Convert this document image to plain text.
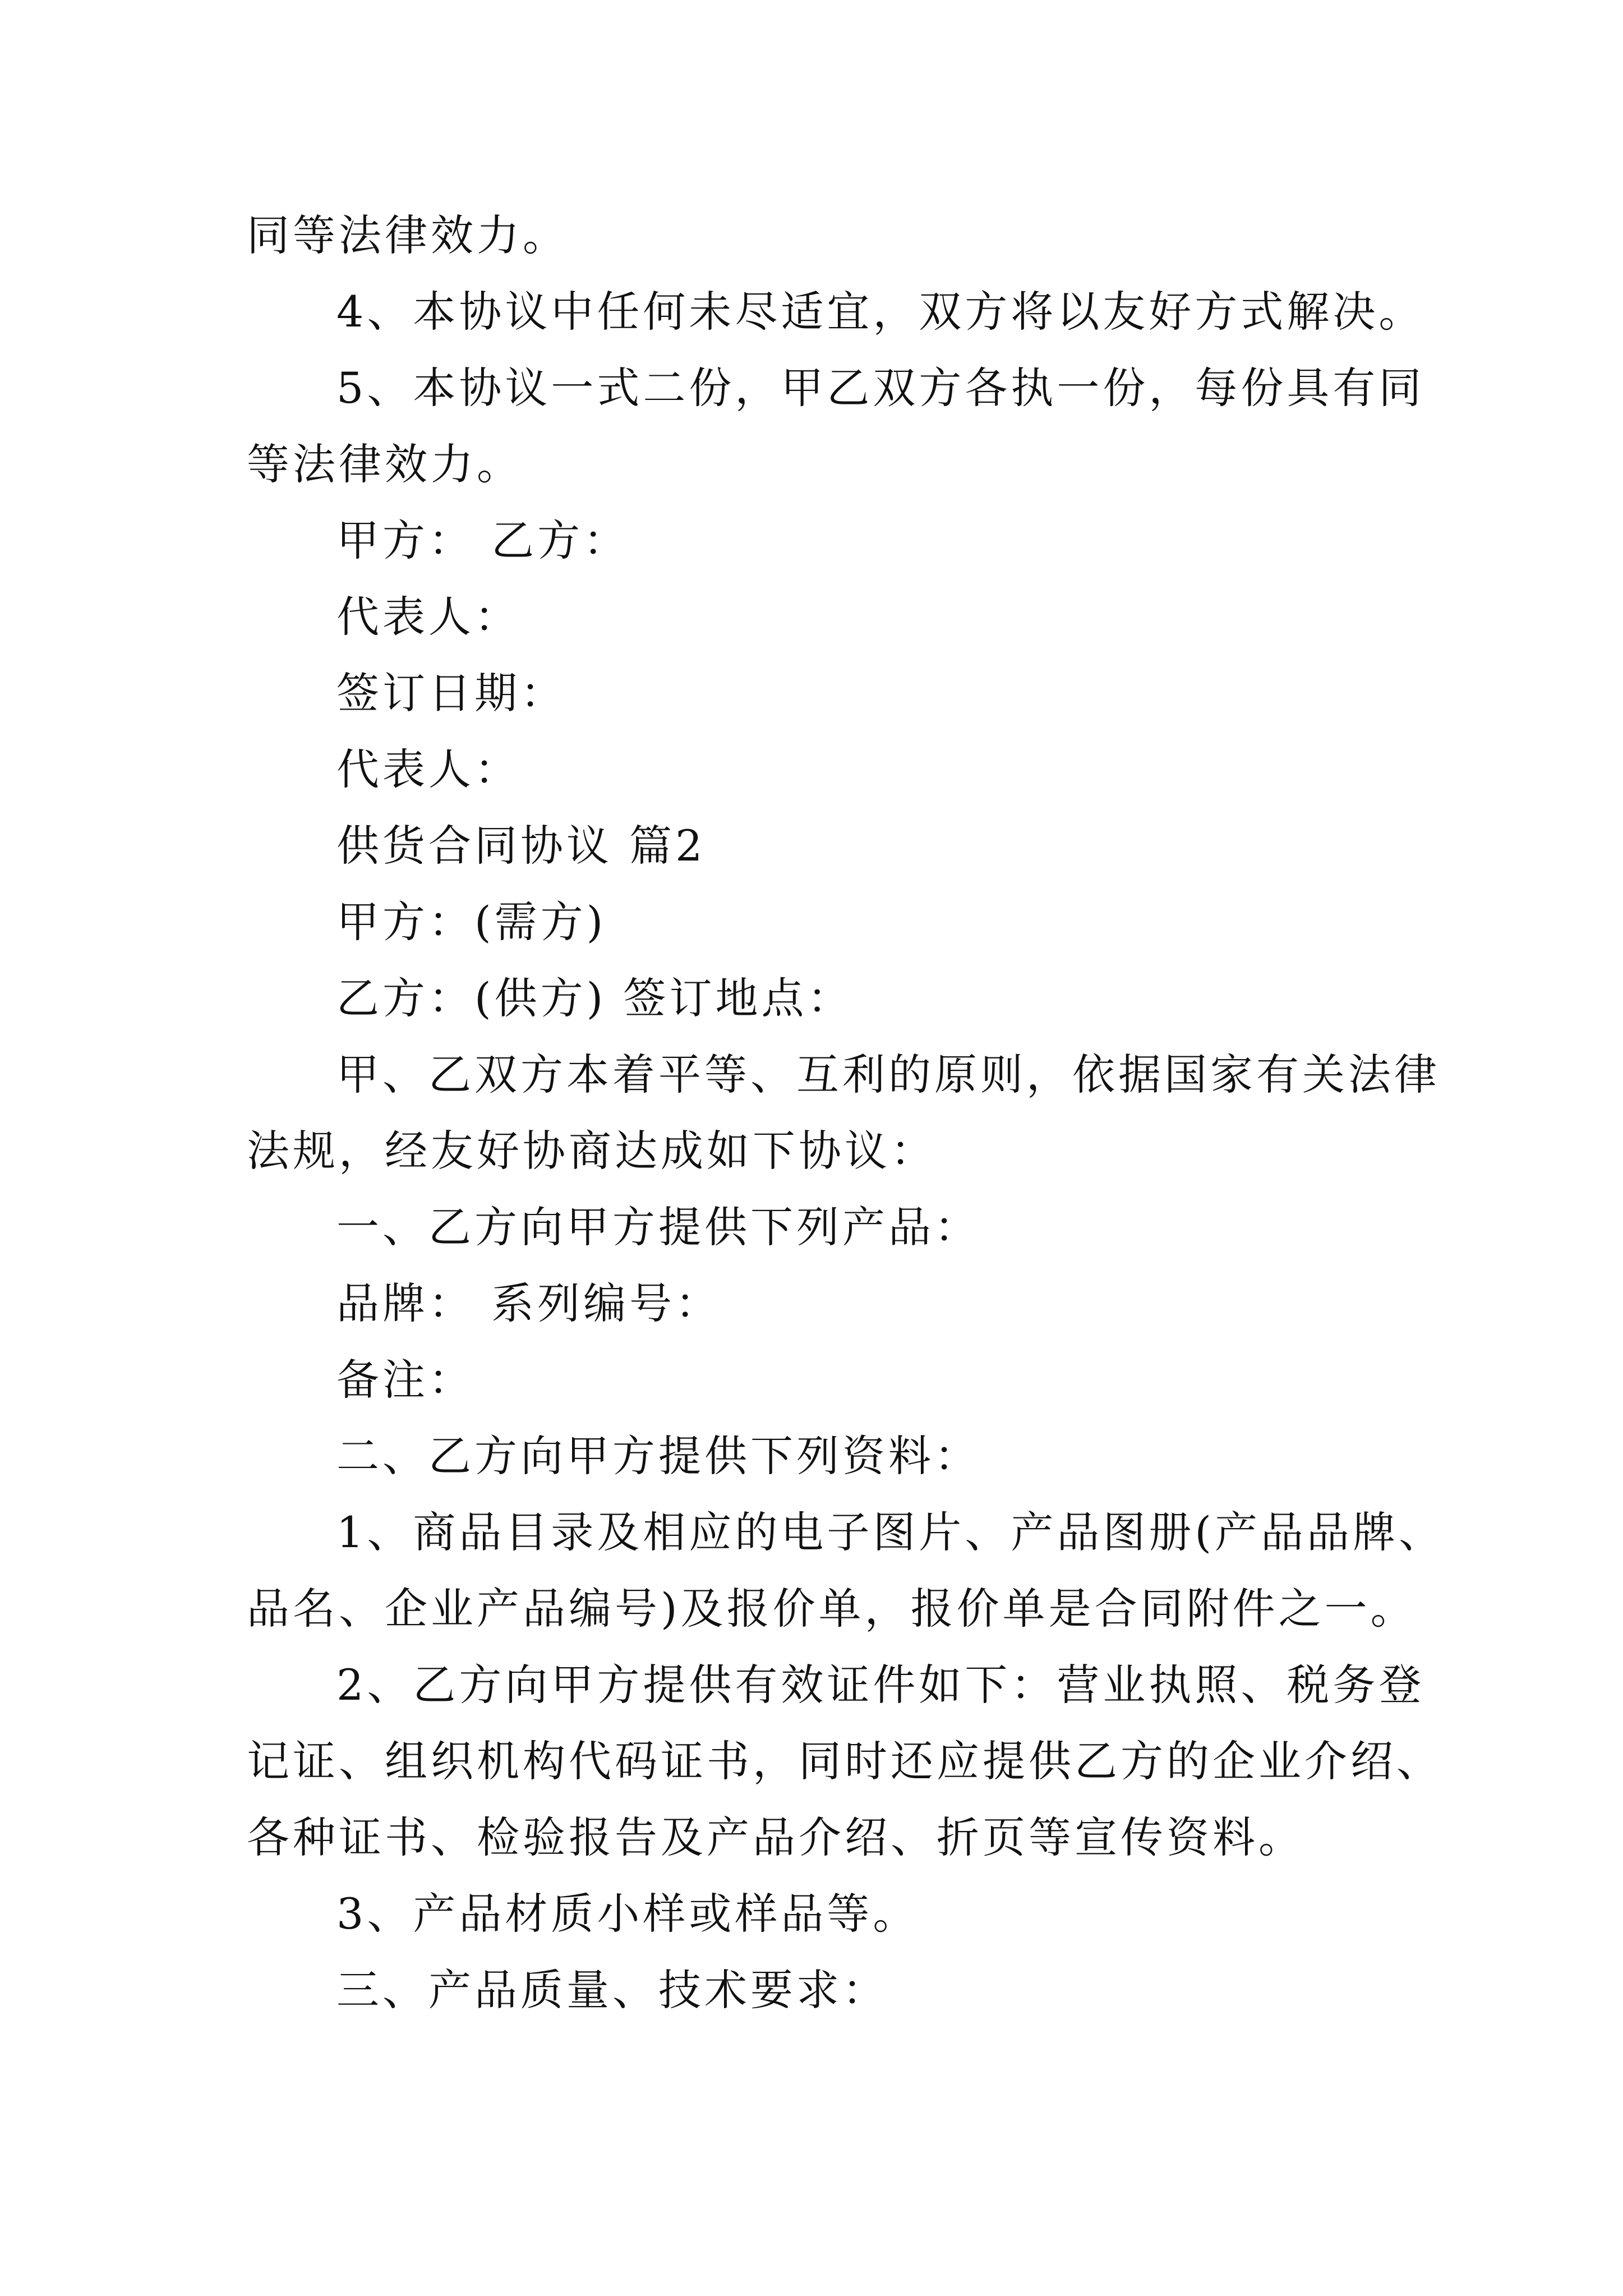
同等法律效力。
4、本协议中任何未尽适宜，双方将以友好方式解决。
5、本协议一式二份，甲乙双方各执一份，每份具有同
等法律效力。
甲方： 乙方：
代表人：
签订日期：
代表人：
供货合同协议 篇2
甲方：(需方)
乙方：(供方) 签订地点：
甲、乙双方本着平等、互利的原则，依据国家有关法律
法规，经友好协商达成如下协议：
一、乙方向甲方提供下列产品：
品牌： 系列编号：
备注：
二、乙方向甲方提供下列资料：
1、商品目录及相应的电子图片、产品图册(产品品牌、
品名、企业产品编号)及报价单，报价单是合同附件之一。
2、乙方向甲方提供有效证件如下：营业执照、税务登
记证、组织机构代码证书，同时还应提供乙方的企业介绍、
各种证书、检验报告及产品介绍、折页等宣传资料。
3、产品材质小样或样品等。
三、产品质量、技术要求：
